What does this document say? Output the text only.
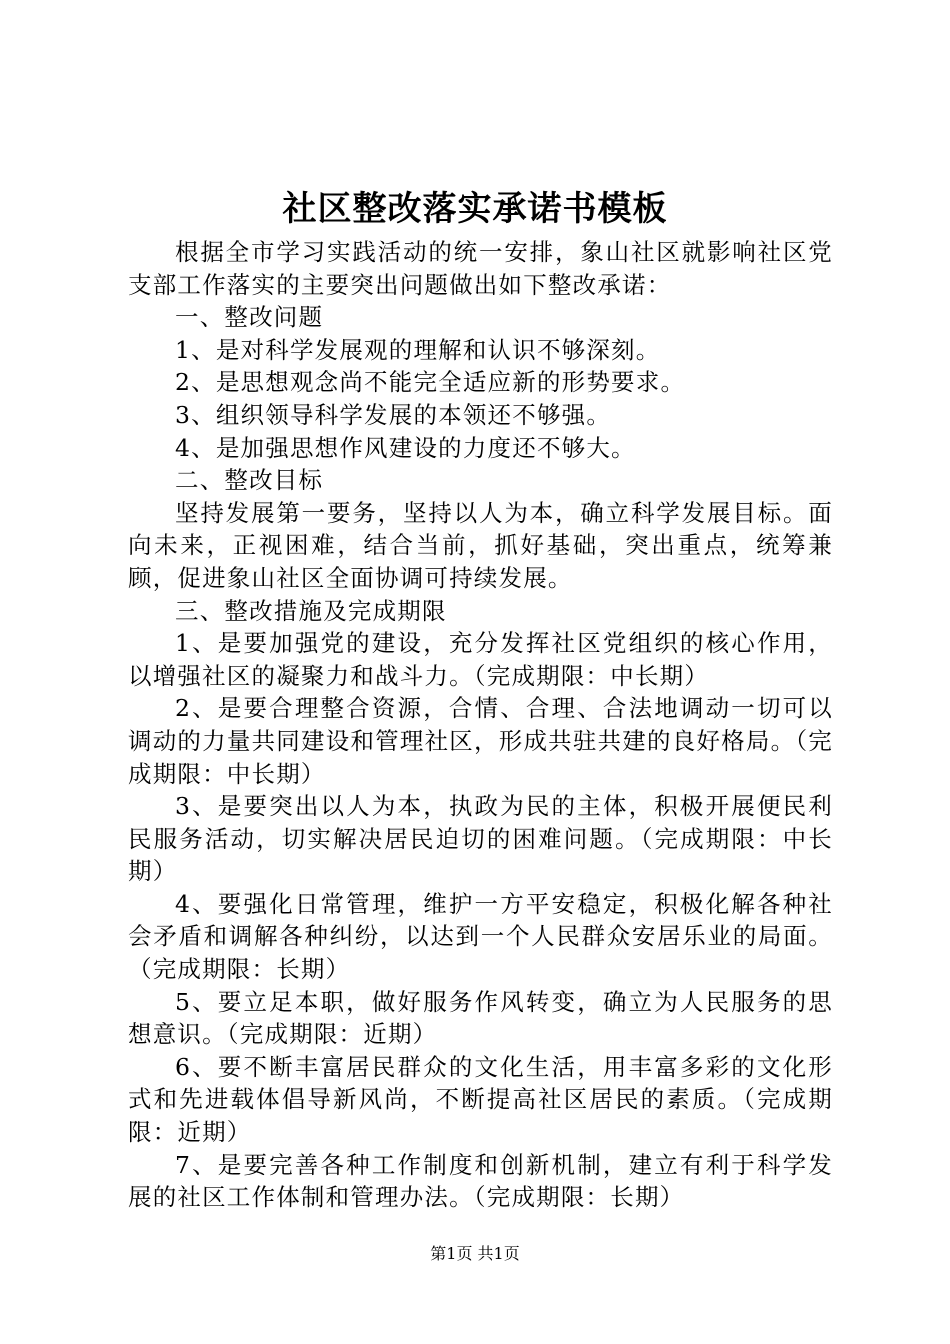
社区整改落实承诺书模板

根据全市学习实践活动的统一安排，象山社区就影响社区党支部工作落实的主要突出问题做出如下整改承诺：

一、整改问题

1、是对科学发展观的理解和认识不够深刻。

2、是思想观念尚不能完全适应新的形势要求。

3、组织领导科学发展的本领还不够强。

4、是加强思想作风建设的力度还不够大。

二、整改目标

坚持发展第一要务，坚持以人为本，确立科学发展目标。面向未来，正视困难，结合当前，抓好基础，突出重点，统筹兼顾，促进象山社区全面协调可持续发展。

三、整改措施及完成期限

1、是要加强党的建设，充分发挥社区党组织的核心作用，以增强社区的凝聚力和战斗力。（完成期限：中长期）

2、是要合理整合资源，合情、合理、合法地调动一切可以调动的力量共同建设和管理社区，形成共驻共建的良好格局。（完成期限：中长期）

3、是要突出以人为本，执政为民的主体，积极开展便民利民服务活动，切实解决居民迫切的困难问题。（完成期限：中长期）

4、要强化日常管理，维护一方平安稳定，积极化解各种社会矛盾和调解各种纠纷，以达到一个人民群众安居乐业的局面。（完成期限：长期）

5、要立足本职，做好服务作风转变，确立为人民服务的思想意识。（完成期限：近期）

6、要不断丰富居民群众的文化生活，用丰富多彩的文化形式和先进载体倡导新风尚，不断提高社区居民的素质。（完成期限：近期）

7、是要完善各种工作制度和创新机制，建立有利于科学发展的社区工作体制和管理办法。（完成期限：长期）

第1页 共1页
